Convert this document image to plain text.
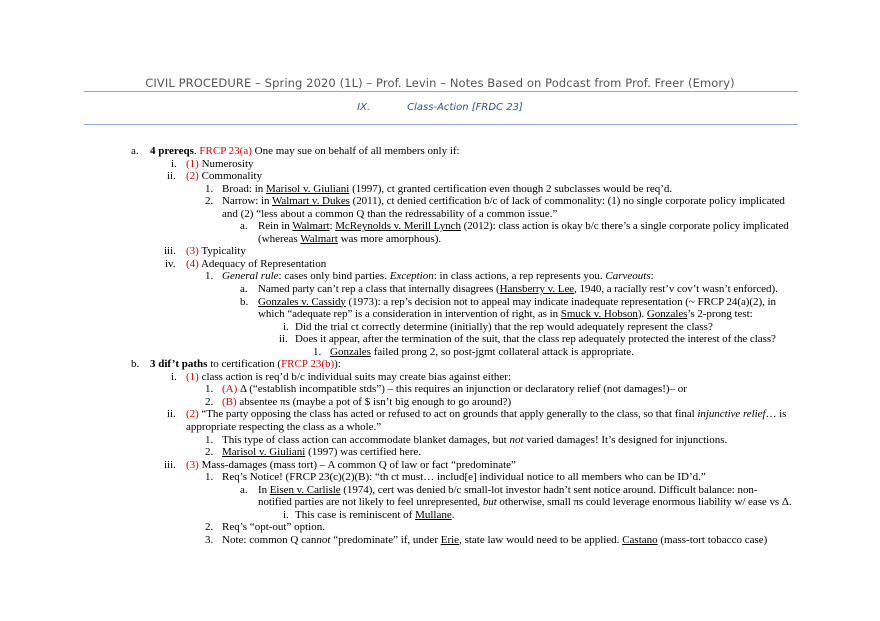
CIVIL PROCEDURE – Spring 2020 (1L) – Prof. Levin – Notes Based on Podcast from Prof. Freer (Emory)
IX.	Class-Action [FRDC 23]
a. 4 prereqs. FRCP 23(a) One may sue on behalf of all members only if:
i. (1) Numerosity
ii. (2) Commonality
1. Broad: in Marisol v. Giuliani (1997), ct granted certification even though 2 subclasses would be req’d.
2. Narrow: in Walmart v. Dukes (2011), ct denied certification b/c of lack of commonality: (1) no single corporate policy implicated
and (2) “less about a common Q than the redressability of a common issue.”
a. Rein in Walmart: McReynolds v. Merill Lynch (2012): class action is okay b/c there’s a single corporate policy implicated
(whereas Walmart was more amorphous).
iii. (3) Typicality
iv. (4) Adequacy of Representation
1. General rule: cases only bind parties. Exception: in class actions, a rep represents you. Carveouts:
a. Named party can’t rep a class that internally disagrees (Hansberry v. Lee, 1940, a racially rest’v cov’t wasn’t enforced).
b. Gonzales v. Cassidy (1973): a rep’s decision not to appeal may indicate inadequate representation (~ FRCP 24(a)(2), in
which “adequate rep” is a consideration in intervention of right, as in Smuck v. Hobson). Gonzales’s 2-prong test:
i. Did the trial ct correctly determine (initially) that the rep would adequately represent the class?
ii. Does it appear, after the termination of the suit, that the class rep adequately protected the interest of the class?
1. Gonzales failed prong 2, so post-jgmt collateral attack is appropriate.
b. 3 dif’t paths to certification (FRCP 23(b)):
i. (1) class action is req’d b/c individual suits may create bias against either:
1. (A) Δ (“establish incompatible stds”) – this requires an injunction or declaratory relief (not damages!)– or
2. (B) absentee πs (maybe a pot of $ isn’t big enough to go around?)
ii. (2) “The party opposing the class has acted or refused to act on grounds that apply generally to the class, so that final injunctive relief… is
appropriate respecting the class as a whole.”
1. This type of class action can accommodate blanket damages, but not varied damages! It’s designed for injunctions.
2. Marisol v. Giuliani (1997) was certified here.
iii. (3) Mass-damages (mass tort) – A common Q of law or fact “predominate”
1. Req’s Notice! (FRCP 23(c)(2)(B): “th ct must… includ[e] individual notice to all members who can be ID’d.”
a. In Eisen v. Carlisle (1974), cert was denied b/c small-lot investor hadn’t sent notice around. Difficult balance: non-
notified parties are not likely to feel unrepresented, but otherwise, small πs could leverage enormous liability w/ ease vs Δ.
i. This case is reminiscent of Mullane.
2. Req’s “opt-out” option.
3. Note: common Q cannot “predominate” if, under Erie, state law would need to be applied. Castano (mass-tort tobacco case)
